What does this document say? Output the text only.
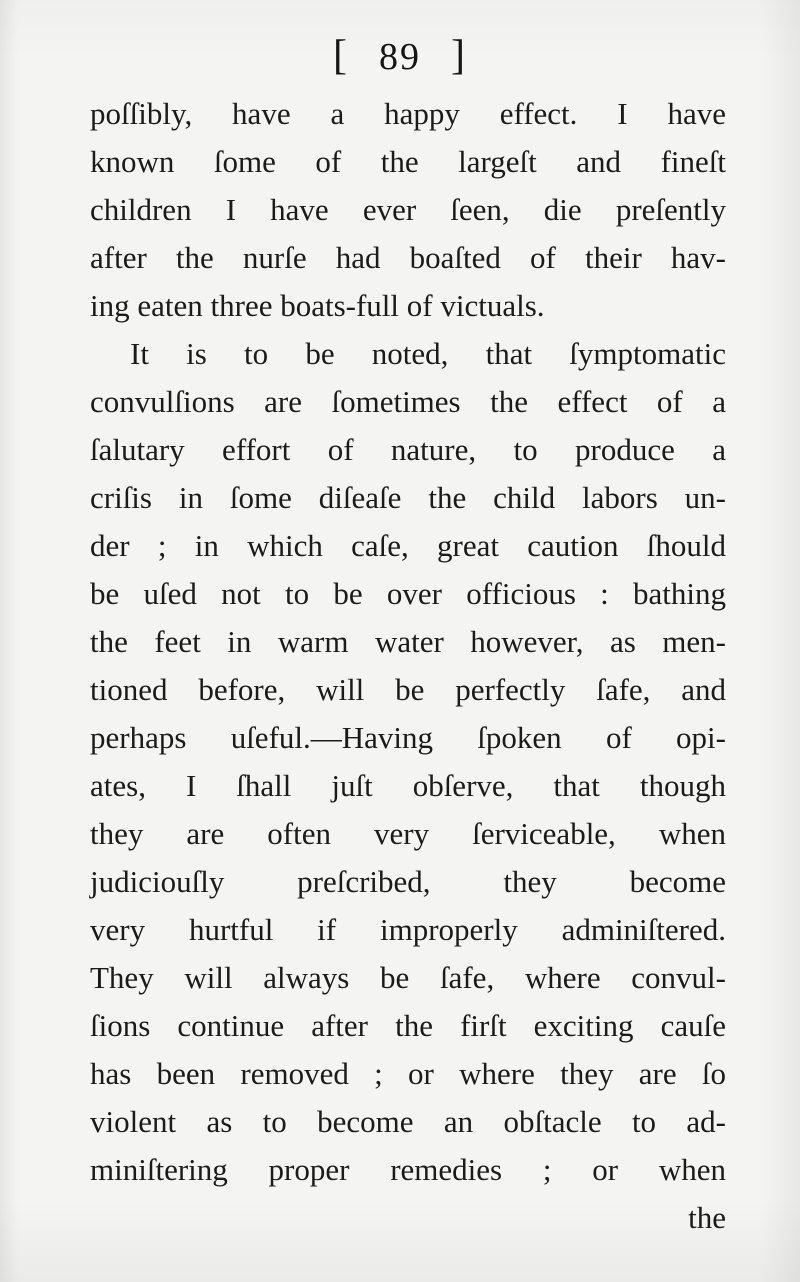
[ 89 ]
poſſibly, have a happy effect. I have
known ſome of the largeſt and fineſt
children I have ever ſeen, die preſently
after the nurſe had boaſted of their hav-
ing eaten three boats-full of victuals.
It is to be noted, that ſymptomatic
convulſions are ſometimes the effect of a
ſalutary effort of nature, to produce a
criſis in ſome diſeaſe the child labors un-
der ; in which caſe, great caution ſhould
be uſed not to be over officious : bathing
the feet in warm water however, as men-
tioned before, will be perfectly ſafe, and
perhaps uſeful.—Having ſpoken of opi-
ates, I ſhall juſt obſerve, that though
they are often very ſerviceable, when
judiciouſly preſcribed, they become
very hurtful if improperly adminiſtered.
They will always be ſafe, where convul-
ſions continue after the firſt exciting cauſe
has been removed ; or where they are ſo
violent as to become an obſtacle to ad-
miniſtering proper remedies ; or when
the
